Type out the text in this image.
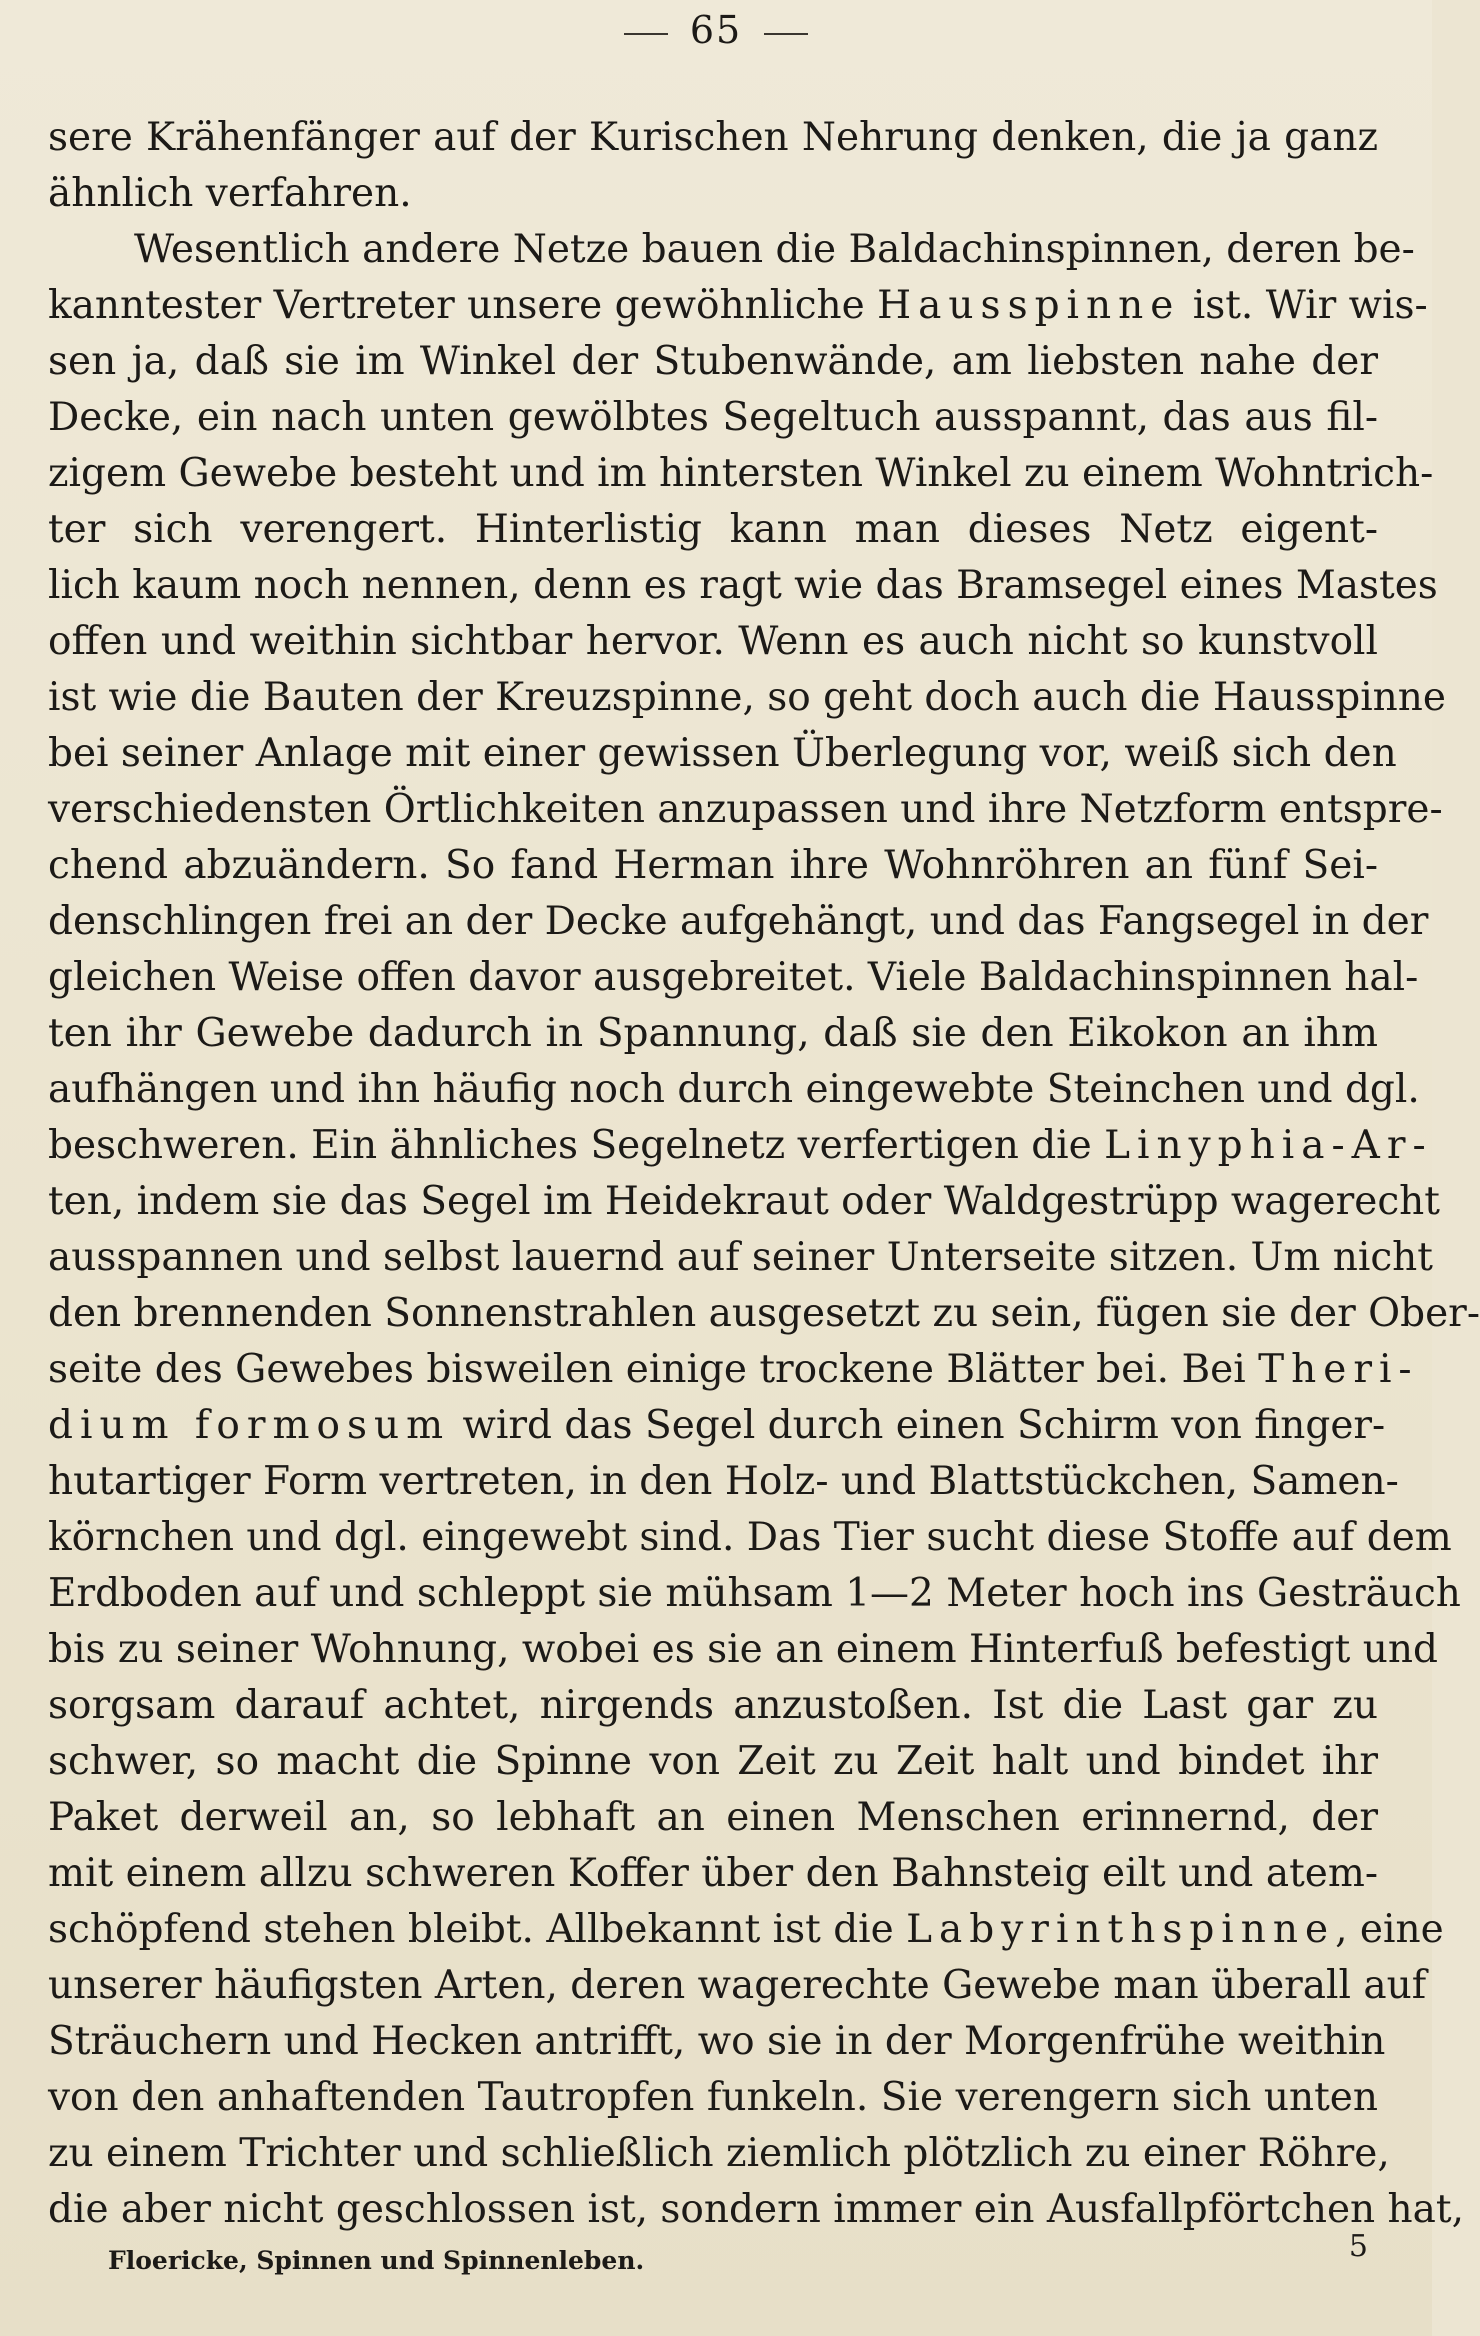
65
sere Krähenfänger auf der Kurischen Nehrung denken, die ja ganz
ähnlich verfahren.
Wesentlich andere Netze bauen die Baldachinspinnen, deren be-
kanntester Vertreter unsere gewöhnliche Hausspinne ist. Wir wis-
sen ja, daß sie im Winkel der Stubenwände, am liebsten nahe der
Decke, ein nach unten gewölbtes Segeltuch ausspannt, das aus fil-
zigem Gewebe besteht und im hintersten Winkel zu einem Wohntrich-
ter sich verengert. Hinterlistig kann man dieses Netz eigent-
lich kaum noch nennen, denn es ragt wie das Bramsegel eines Mastes
offen und weithin sichtbar hervor. Wenn es auch nicht so kunstvoll
ist wie die Bauten der Kreuzspinne, so geht doch auch die Hausspinne
bei seiner Anlage mit einer gewissen Überlegung vor, weiß sich den
verschiedensten Örtlichkeiten anzupassen und ihre Netzform entspre-
chend abzuändern. So fand Herman ihre Wohnröhren an fünf Sei-
denschlingen frei an der Decke aufgehängt, und das Fangsegel in der
gleichen Weise offen davor ausgebreitet. Viele Baldachinspinnen hal-
ten ihr Gewebe dadurch in Spannung, daß sie den Eikokon an ihm
aufhängen und ihn häufig noch durch eingewebte Steinchen und dgl.
beschweren. Ein ähnliches Segelnetz verfertigen die Linyphia-Ar-
ten, indem sie das Segel im Heidekraut oder Waldgestrüpp wagerecht
ausspannen und selbst lauernd auf seiner Unterseite sitzen. Um nicht
den brennenden Sonnenstrahlen ausgesetzt zu sein, fügen sie der Ober-
seite des Gewebes bisweilen einige trockene Blätter bei. Bei Theri-
dium formosum wird das Segel durch einen Schirm von finger-
hutartiger Form vertreten, in den Holz- und Blattstückchen, Samen-
körnchen und dgl. eingewebt sind. Das Tier sucht diese Stoffe auf dem
Erdboden auf und schleppt sie mühsam 1—2 Meter hoch ins Gesträuch
bis zu seiner Wohnung, wobei es sie an einem Hinterfuß befestigt und
sorgsam darauf achtet, nirgends anzustoßen. Ist die Last gar zu
schwer, so macht die Spinne von Zeit zu Zeit halt und bindet ihr
Paket derweil an, so lebhaft an einen Menschen erinnernd, der
mit einem allzu schweren Koffer über den Bahnsteig eilt und atem-
schöpfend stehen bleibt. Allbekannt ist die Labyrinthspinne, eine
unserer häufigsten Arten, deren wagerechte Gewebe man überall auf
Sträuchern und Hecken antrifft, wo sie in der Morgenfrühe weithin
von den anhaftenden Tautropfen funkeln. Sie verengern sich unten
zu einem Trichter und schließlich ziemlich plötzlich zu einer Röhre,
die aber nicht geschlossen ist, sondern immer ein Ausfallpförtchen hat,
Floericke, Spinnen und Spinnenleben.	5
